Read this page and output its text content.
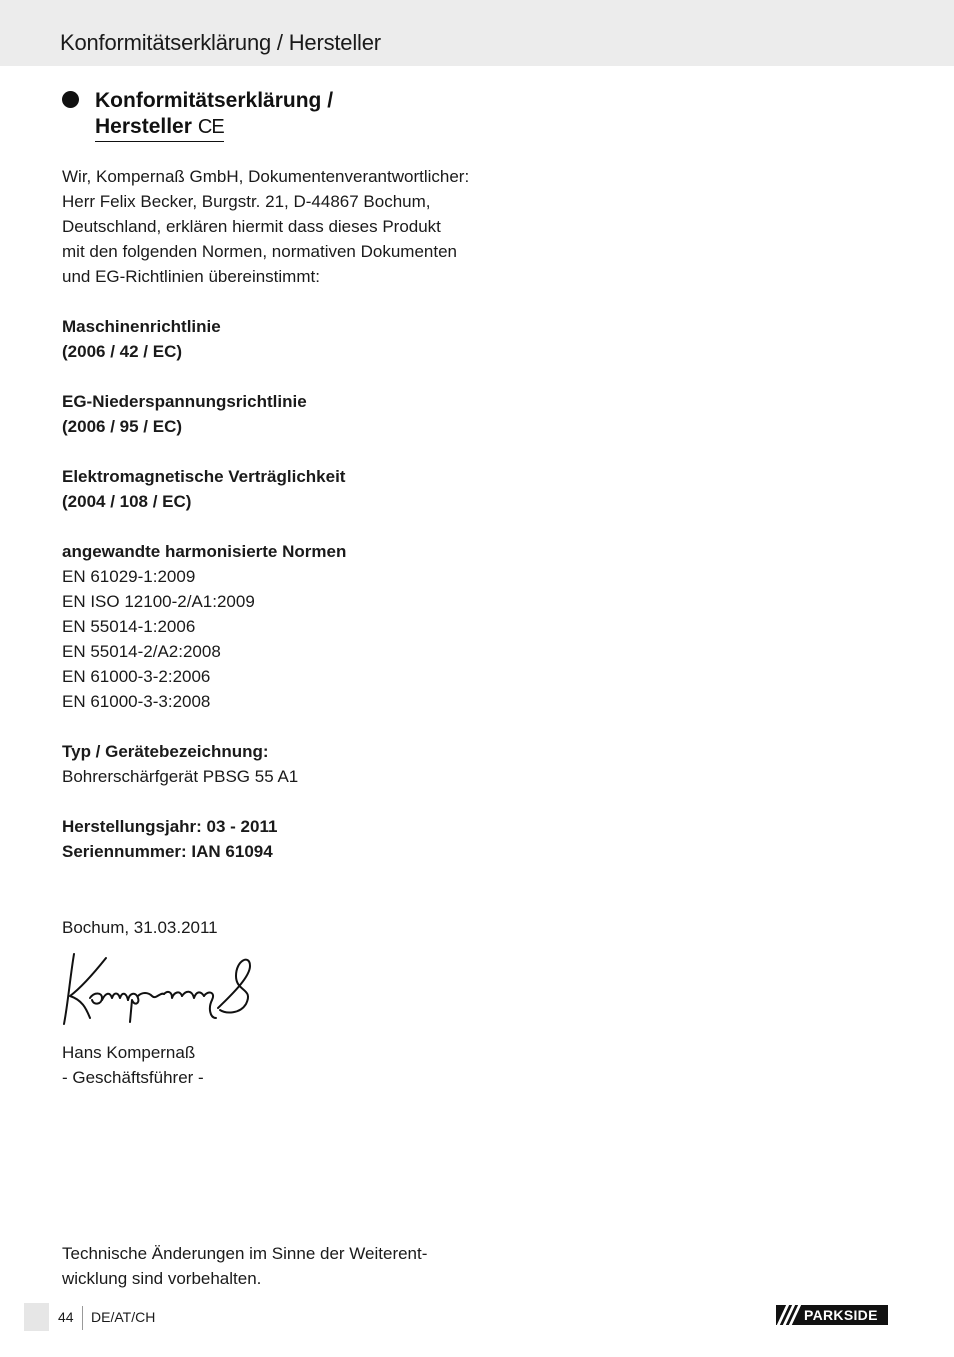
Konformitätserklärung / Hersteller
Konformitätserklärung /
Hersteller CE

Wir, Kompernaß GmbH, Dokumentenverantwortlicher:
Herr Felix Becker, Burgstr. 21, D-44867 Bochum,
Deutschland, erklären hiermit dass dieses Produkt
mit den folgenden Normen, normativen Dokumenten
und EG-Richtlinien übereinstimmt:

Maschinenrichtlinie
(2006 / 42 / EC)

EG-Niederspannungsrichtlinie
(2006 / 95 / EC)

Elektromagnetische Verträglichkeit
(2004 / 108 / EC)

angewandte harmonisierte Normen
EN 61029-1:2009
EN ISO 12100-2/A1:2009
EN 55014-1:2006
EN 55014-2/A2:2008
EN 61000-3-2:2006
EN 61000-3-3:2008

Typ / Gerätebezeichnung:
Bohrerschärfgerät PBSG 55 A1

Herstellungsjahr: 03 - 2011
Seriennummer: IAN 61094

Bochum, 31.03.2011
Hans Kompernaß
- Geschäftsführer -
Technische Änderungen im Sinne der Weiterent-
wicklung sind vorbehalten.
44 DE/AT/CH	PARKSIDE
